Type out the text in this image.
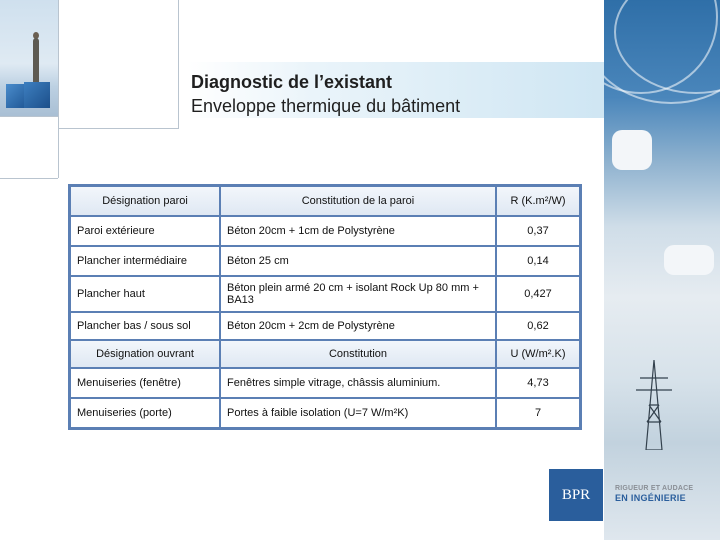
Diagnostic de l’existant
Enveloppe thermique du bâtiment
Désignation paroi	Constitution de la paroi	R (K.m²/W)
Paroi extérieure	Béton 20cm + 1cm de Polystyrène	0,37
Plancher intermédiaire	Béton 25 cm	0,14
Plancher haut	Béton plein armé 20 cm + isolant Rock Up 80 mm + BA13	0,427
Plancher bas / sous sol	Béton 20cm + 2cm de Polystyrène	0,62
Désignation ouvrant	Constitution	U (W/m².K)
Menuiseries (fenêtre)	Fenêtres simple vitrage, châssis aluminium.	4,73
Menuiseries (porte)	Portes à faible isolation (U=7 W/m²K)	7
BPR	RIGUEUR ET AUDACE
EN INGÉNIERIE
